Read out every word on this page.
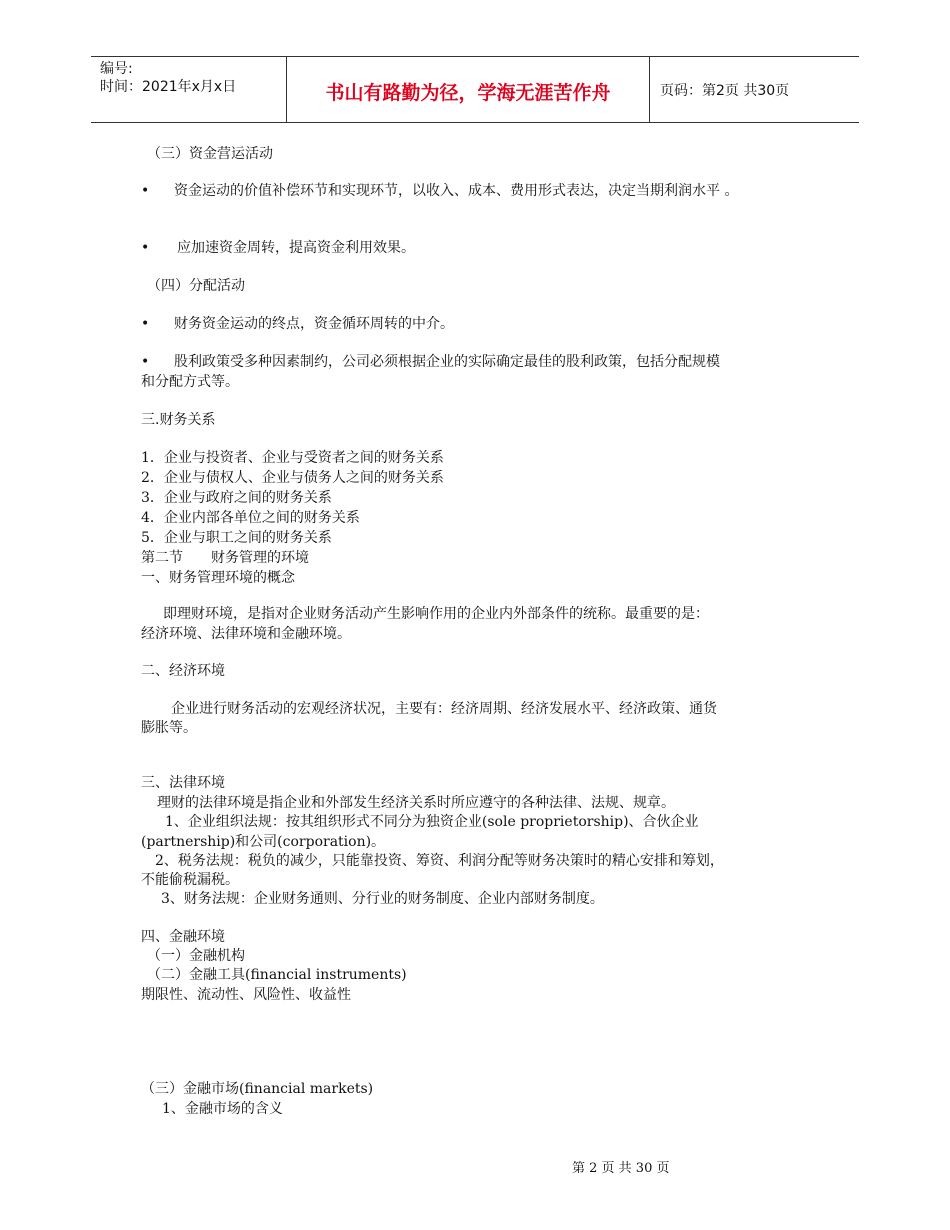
编号:
时间：2021年x月x日	书山有路勤为径，学海无涯苦作舟	页码：第2页 共30页
（三）资金营运活动
• 资金运动的价值补偿环节和实现环节，以收入、成本、费用形式表达，决定当期利润水平 。
• 应加速资金周转，提高资金利用效果。
（四）分配活动
• 财务资金运动的终点，资金循环周转的中介。
• 股利政策受多种因素制约，公司必须根据企业的实际确定最佳的股利政策，包括分配规模
和分配方式等。
三.财务关系
1．企业与投资者、企业与受资者之间的财务关系
2．企业与债权人、企业与债务人之间的财务关系
3．企业与政府之间的财务关系
4．企业内部各单位之间的财务关系
5．企业与职工之间的财务关系
第二节　　财务管理的环境
一、财务管理环境的概念
即理财环境，是指对企业财务活动产生影响作用的企业内外部条件的统称。最重要的是：
经济环境、法律环境和金融环境。
二、经济环境
企业进行财务活动的宏观经济状况，主要有：经济周期、经济发展水平、经济政策、通货
膨胀等。
三、法律环境
理财的法律环境是指企业和外部发生经济关系时所应遵守的各种法律、法规、规章。
1、企业组织法规：按其组织形式不同分为独资企业(sole proprietorship)、合伙企业
(partnership)和公司(corporation)。
2、税务法规：税负的减少，只能靠投资、筹资、利润分配等财务决策时的精心安排和筹划，
不能偷税漏税。
3、财务法规：企业财务通则、分行业的财务制度、企业内部财务制度。
四、金融环境
（一）金融机构
（二）金融工具(financial instruments)
期限性、流动性、风险性、收益性
（三）金融市场(financial markets)
1、金融市场的含义
第 2 页 共 30 页
